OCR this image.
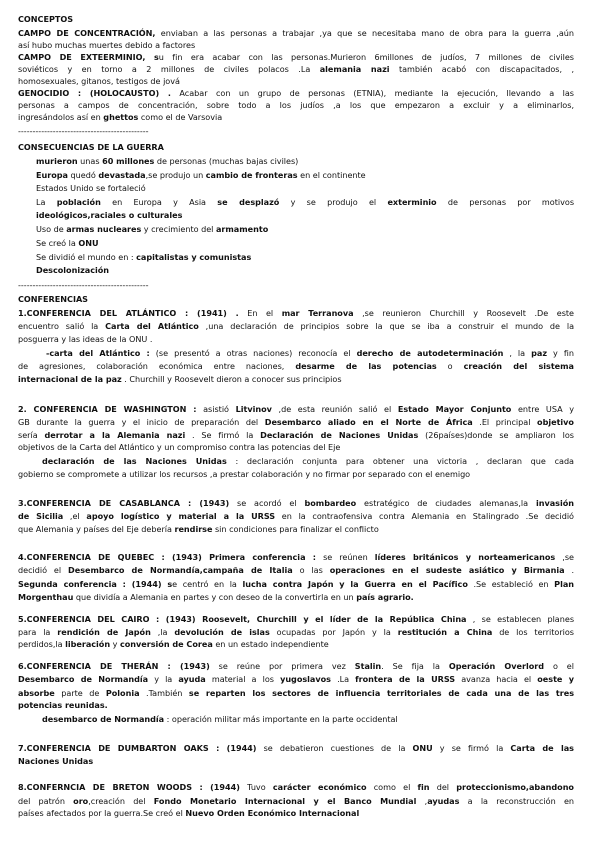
CONCEPTOS
CAMPO DE CONCENTRACIÓN, enviaban a las personas a trabajar ,ya que se necesitaba mano de obra para la guerra ,aún
así hubo muchas muertes debido a factores
CAMPO DE EXTEERMINIO, su fin era acabar con las personas.Murieron 6millones de judíos, 7 millones de civiles
soviéticos y en torno a 2 millones de civiles polacos .La alemania nazi también acabó con discapacitados, ,
homosexuales, gitanos, testigos de jová
GENOCIDIO : (HOLOCAUSTO) . Acabar con un grupo de personas (ETNIA), mediante la ejecución, llevando a las
personas a campos de concentración, sobre todo a los judíos ,a los que empezaron a excluir y a eliminarlos,
ingresándolos así en ghettos como el de Varsovia
---------------------------------------------
CONSECUENCIAS DE LA GUERRA
• murieron unas 60 millones de personas (muchas bajas civiles)
• Europa quedó devastada,se produjo un cambio de fronteras en el continente
• Estados Unido se fortaleció
• La población en Europa y Asia se desplazó y se produjo el exterminio de personas por motivos
• ideológicos,raciales o culturales
• Uso de armas nucleares y crecimiento del armamento
• Se creó la ONU
• Se dividió el mundo en : capitalistas y comunistas
• Descolonización
---------------------------------------------
CONFERENCIAS
1.CONFERENCIA DEL ATLÁNTICO : (1941) . En el mar Terranova ,se reunieron Churchill y Roosevelt .De este
encuentro salió la Carta del Atlántico ,una declaración de principios sobre la que se iba a construir el mundo de la
posguerra y las ideas de la ONU .
-carta del Atlántico : (se presentó a otras naciones) reconocía el derecho de autodeterminación , la paz y fin
de agresiones, colaboración económica entre naciones, desarme de las potencias o creación del sistema
internacional de la paz . Churchill y Roosevelt dieron a conocer sus principios
2. CONFERENCIA DE WASHINGTON : asistió Litvinov ,de esta reunión salió el Estado Mayor Conjunto entre USA y
GB durante la guerra y el inicio de preparación del Desembarco aliado en el Norte de África .El principal objetivo
sería derrotar a la Alemania nazi . Se firmó la Declaración de Naciones Unidas (26países)donde se ampliaron los
objetivos de la Carta del Atlántico y un compromiso contra las potencias del Eje
declaración de las Naciones Unidas : declaración conjunta para obtener una victoria , declaran que cada
gobierno se compromete a utilizar los recursos ,a prestar colaboración y no firmar por separado con el enemigo
3.CONFERENCIA DE CASABLANCA : (1943) se acordó el bombardeo estratégico de ciudades alemanas,la invasión
de Sicilia ,el apoyo logístico y material a la URSS en la contraofensiva contra Alemania en Stalingrado .Se decidió
que Alemania y países del Eje debería rendirse sin condiciones para finalizar el conflicto
4.CONFERENCIA DE QUEBEC : (1943) Primera conferencia : se reúnen líderes británicos y norteamericanos ,se
decidió el Desembarco de Normandía,campaña de Italia o las operaciones en el sudeste asiático y Birmania .
Segunda conferencia : (1944) se centró en la lucha contra Japón y la Guerra en el Pacífico .Se estableció en Plan
Morgenthau que dividía a Alemania en partes y con deseo de la convertirla en un país agrario.
5.CONFERENCIA DEL CAIRO : (1943) Roosevelt, Churchill y el líder de la República China , se establecen planes
para la rendición de Japón ,la devolución de islas ocupadas por Japón y la restitución a China de los territorios
perdidos,la liberación y conversión de Corea en un estado independiente
6.CONFERENCIA DE THERÁN : (1943) se reúne por primera vez Stalin. Se fija la Operación Overlord o el
Desembarco de Normandía y la ayuda material a los yugoslavos .La frontera de la URSS avanza hacia el oeste y
absorbe parte de Polonia .También se reparten los sectores de influencia territoriales de cada una de las tres
potencias reunidas.
desembarco de Normandía : operación militar más importante en la parte occidental
7.CONFERENCIA DE DUMBARTON OAKS : (1944) se debatieron cuestiones de la ONU y se firmó la Carta de las
Naciones Unidas
8.CONFERNCIA DE BRETON WOODS : (1944) Tuvo carácter económico como el fin del proteccionismo,abandono
del patrón oro,creación del Fondo Monetario Internacional y el Banco Mundial ,ayudas a la reconstrucción en
países afectados por la guerra.Se creó el Nuevo Orden Económico Internacional
